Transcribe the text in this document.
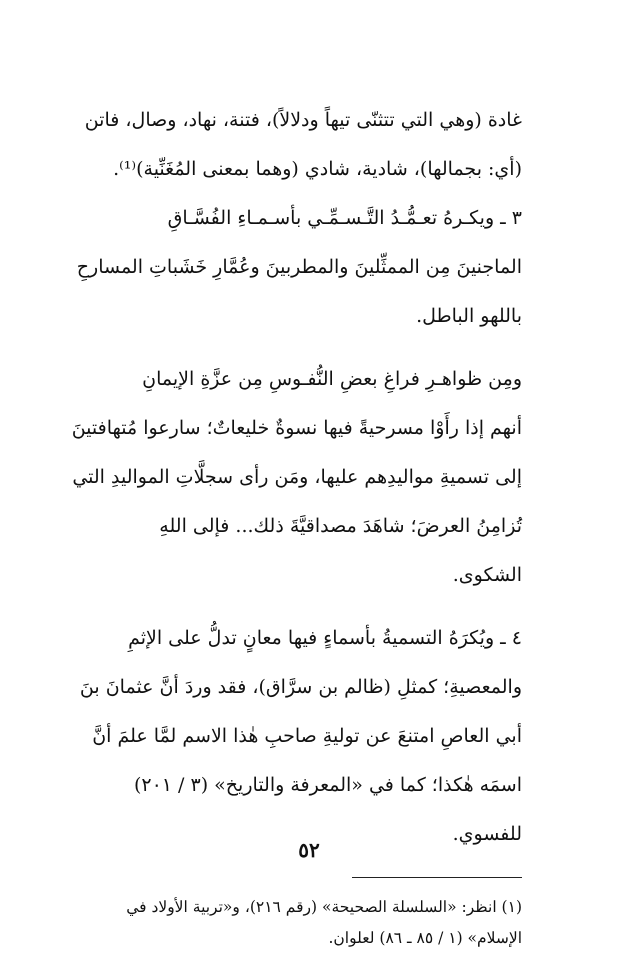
غادة (وهي التي تتثنّى تيهاً ودلالاً)، فتنة، نهاد، وصال، فاتن
(أي: بجمالها)، شادية، شادي (وهما بمعنى المُغَنِّية)⁽¹⁾.
٣ ـ ويكـرهُ تعـمُّـدُ التَّـسـمِّـي بأسـمـاءِ الفُسَّـاقِ
الماجنينَ مِن الممثِّلينَ والمطربينَ وعُمَّارِ خَشَباتِ المسارحِ
باللهو الباطل.
ومِن ظواهـرِ فراغِ بعضِ النُّفـوسِ مِن عزَّةِ الإيمانِ
أنهم إذا رأَوْا مسرحيةً فيها نسوةٌ خليعاتٌ؛ سارعوا مُتهافتينَ
إلى تسميةِ مواليدِهم عليها، ومَن رأى سجلَّاتِ المواليدِ التي
تُزامِنُ العرضَ؛ شاهَدَ مصداقيَّةَ ذلك... فإلى اللهِ
الشكوى.
٤ ـ ويُكرَهُ التسميةُ بأسماءٍ فيها معانٍ تدلُّ على الإثمِ
والمعصيةِ؛ كمثلِ (ظالم بن سرَّاق)، فقد وردَ أنَّ عثمانَ بنَ
أبي العاصِ امتنعَ عن توليةِ صاحبِ هٰذا الاسم لمَّا علمَ أنَّ
اسمَه هٰكذا؛ كما في «المعرفة والتاريخ» (٣ / ٢٠١)
للفسوي.
(١) انظر: «السلسلة الصحيحة» (رقم ٢١٦)، و«تربية الأولاد في
الإسلام» (١ / ٨٥ ـ ٨٦) لعلوان.
٥٢
